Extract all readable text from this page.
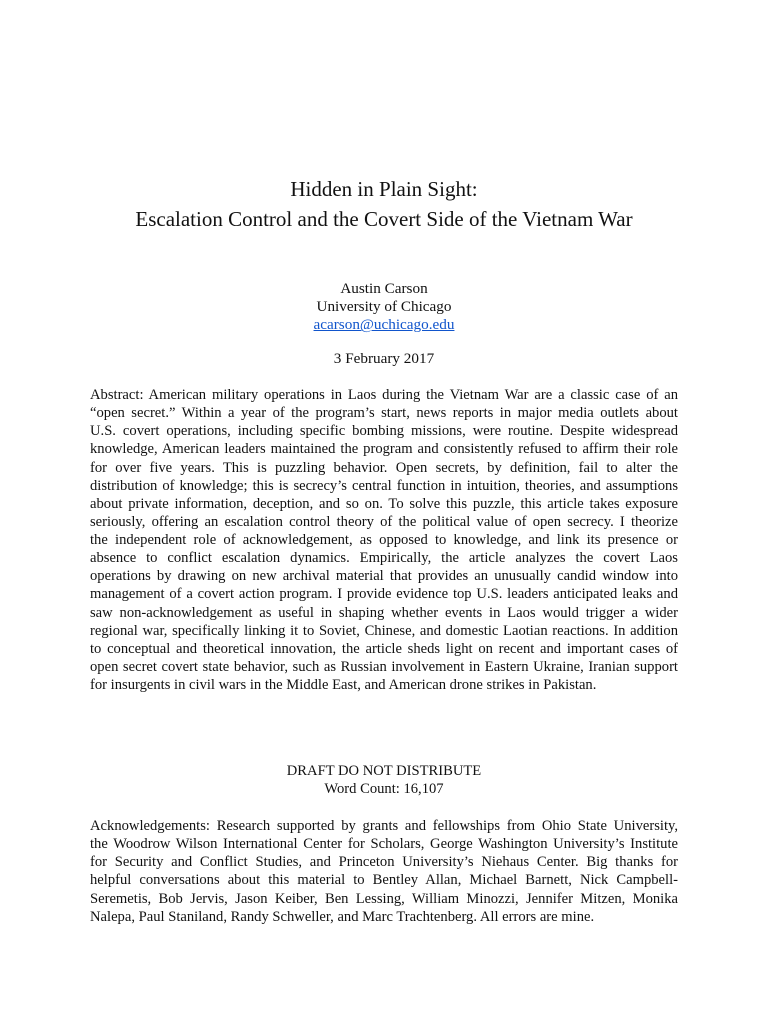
Hidden in Plain Sight:
Escalation Control and the Covert Side of the Vietnam War
Austin Carson
University of Chicago
acarson@uchicago.edu
3 February 2017
Abstract: American military operations in Laos during the Vietnam War are a classic case of an
“open secret.” Within a year of the program’s start, news reports in major media outlets about
U.S. covert operations, including specific bombing missions, were routine. Despite widespread
knowledge, American leaders maintained the program and consistently refused to affirm their role
for over five years. This is puzzling behavior. Open secrets, by definition, fail to alter the
distribution of knowledge; this is secrecy’s central function in intuition, theories, and assumptions
about private information, deception, and so on. To solve this puzzle, this article takes exposure
seriously, offering an escalation control theory of the political value of open secrecy. I theorize
the independent role of acknowledgement, as opposed to knowledge, and link its presence or
absence to conflict escalation dynamics. Empirically, the article analyzes the covert Laos
operations by drawing on new archival material that provides an unusually candid window into
management of a covert action program. I provide evidence top U.S. leaders anticipated leaks and
saw non-acknowledgement as useful in shaping whether events in Laos would trigger a wider
regional war, specifically linking it to Soviet, Chinese, and domestic Laotian reactions. In addition
to conceptual and theoretical innovation, the article sheds light on recent and important cases of
open secret covert state behavior, such as Russian involvement in Eastern Ukraine, Iranian support
for insurgents in civil wars in the Middle East, and American drone strikes in Pakistan.
DRAFT DO NOT DISTRIBUTE
Word Count: 16,107
Acknowledgements: Research supported by grants and fellowships from Ohio State University,
the Woodrow Wilson International Center for Scholars, George Washington University’s Institute
for Security and Conflict Studies, and Princeton University’s Niehaus Center. Big thanks for
helpful conversations about this material to Bentley Allan, Michael Barnett, Nick Campbell-
Seremetis, Bob Jervis, Jason Keiber, Ben Lessing, William Minozzi, Jennifer Mitzen, Monika
Nalepa, Paul Staniland, Randy Schweller, and Marc Trachtenberg. All errors are mine.
